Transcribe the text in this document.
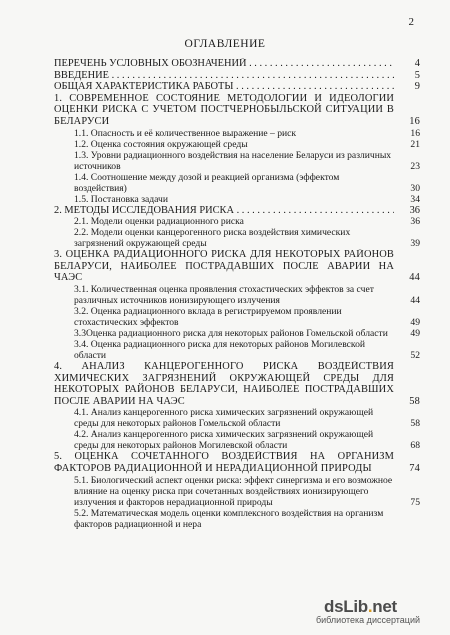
2
ОГЛАВЛЕНИЕ
ПЕРЕЧЕНЬ УСЛОВНЫХ ОБОЗНАЧЕНИЙ . . .	4
ВВЕДЕНИЕ . . .	5
ОБЩАЯ ХАРАКТЕРИСТИКА РАБОТЫ . . .	9
1. СОВРЕМЕННОЕ СОСТОЯНИЕ МЕТОДОЛОГИИ И ИДЕОЛОГИИ ОЦЕНКИ РИСКА С УЧЕТОМ ПОСТЧЕРНОБЫЛЬСКОЙ СИТУАЦИИ В БЕЛАРУСИ	16
1.1. Опасность и её количественное выражение – риск	16
1.2. Оценка состояния окружающей среды	21
1.3. Уровни радиационного воздействия на население Беларуси из различных источников	23
1.4. Соотношение между дозой и реакцией организма (эффектом воздействия)	30
1.5. Постановка задачи	34
2. МЕТОДЫ ИССЛЕДОВАНИЯ РИСКА . . .	36
2.1. Модели оценки радиационного риска	36
2.2. Модели оценки канцерогенного риска воздействия химических загрязнений окружающей среды	39
3. ОЦЕНКА РАДИАЦИОННОГО РИСКА ДЛЯ НЕКОТОРЫХ РАЙОНОВ БЕЛАРУСИ, НАИБОЛЕЕ ПОСТРАДАВШИХ ПОСЛЕ АВАРИИ НА ЧАЭС	44
3.1. Количественная оценка проявления стохастических эффектов за счет различных источников ионизирующего излучения	44
3.2. Оценка радиационного вклада в регистрируемом проявлении стохастических эффектов	49
3.3Оценка радиационного риска для некоторых районов Гомельской области	49
3.4. Оценка радиационного риска для некоторых районов Могилевской области	52
4. АНАЛИЗ КАНЦЕРОГЕННОГО РИСКА ВОЗДЕЙСТВИЯ ХИМИЧЕСКИХ ЗАГРЯЗНЕНИЙ ОКРУЖАЮЩЕЙ СРЕДЫ ДЛЯ НЕКОТОРЫХ РАЙОНОВ БЕЛАРУСИ, НАИБОЛЕЕ ПОСТРАДАВШИХ ПОСЛЕ АВАРИИ НА ЧАЭС	58
4.1. Анализ канцерогенного риска химических загрязнений окружающей среды для некоторых районов Гомельской области	58
4.2. Анализ канцерогенного риска химических загрязнений окружающей среды для некоторых районов Могилевской области	68
5. ОЦЕНКА СОЧЕТАННОГО ВОЗДЕЙСТВИЯ НА ОРГАНИЗМ ФАКТОРОВ РАДИАЦИОННОЙ И НЕРАДИАЦИОННОЙ ПРИРОДЫ	74
5.1. Биологический аспект оценки риска: эффект синергизма и его возможное влияние на оценку риска при сочетанных воздействиях ионизирующего излучения и факторов нерадиационной природы	75
5.2. Математическая модель оценки комплексного воздействия на организм факторов радиационной и нера
dsLib.net
библиотека диссертаций
